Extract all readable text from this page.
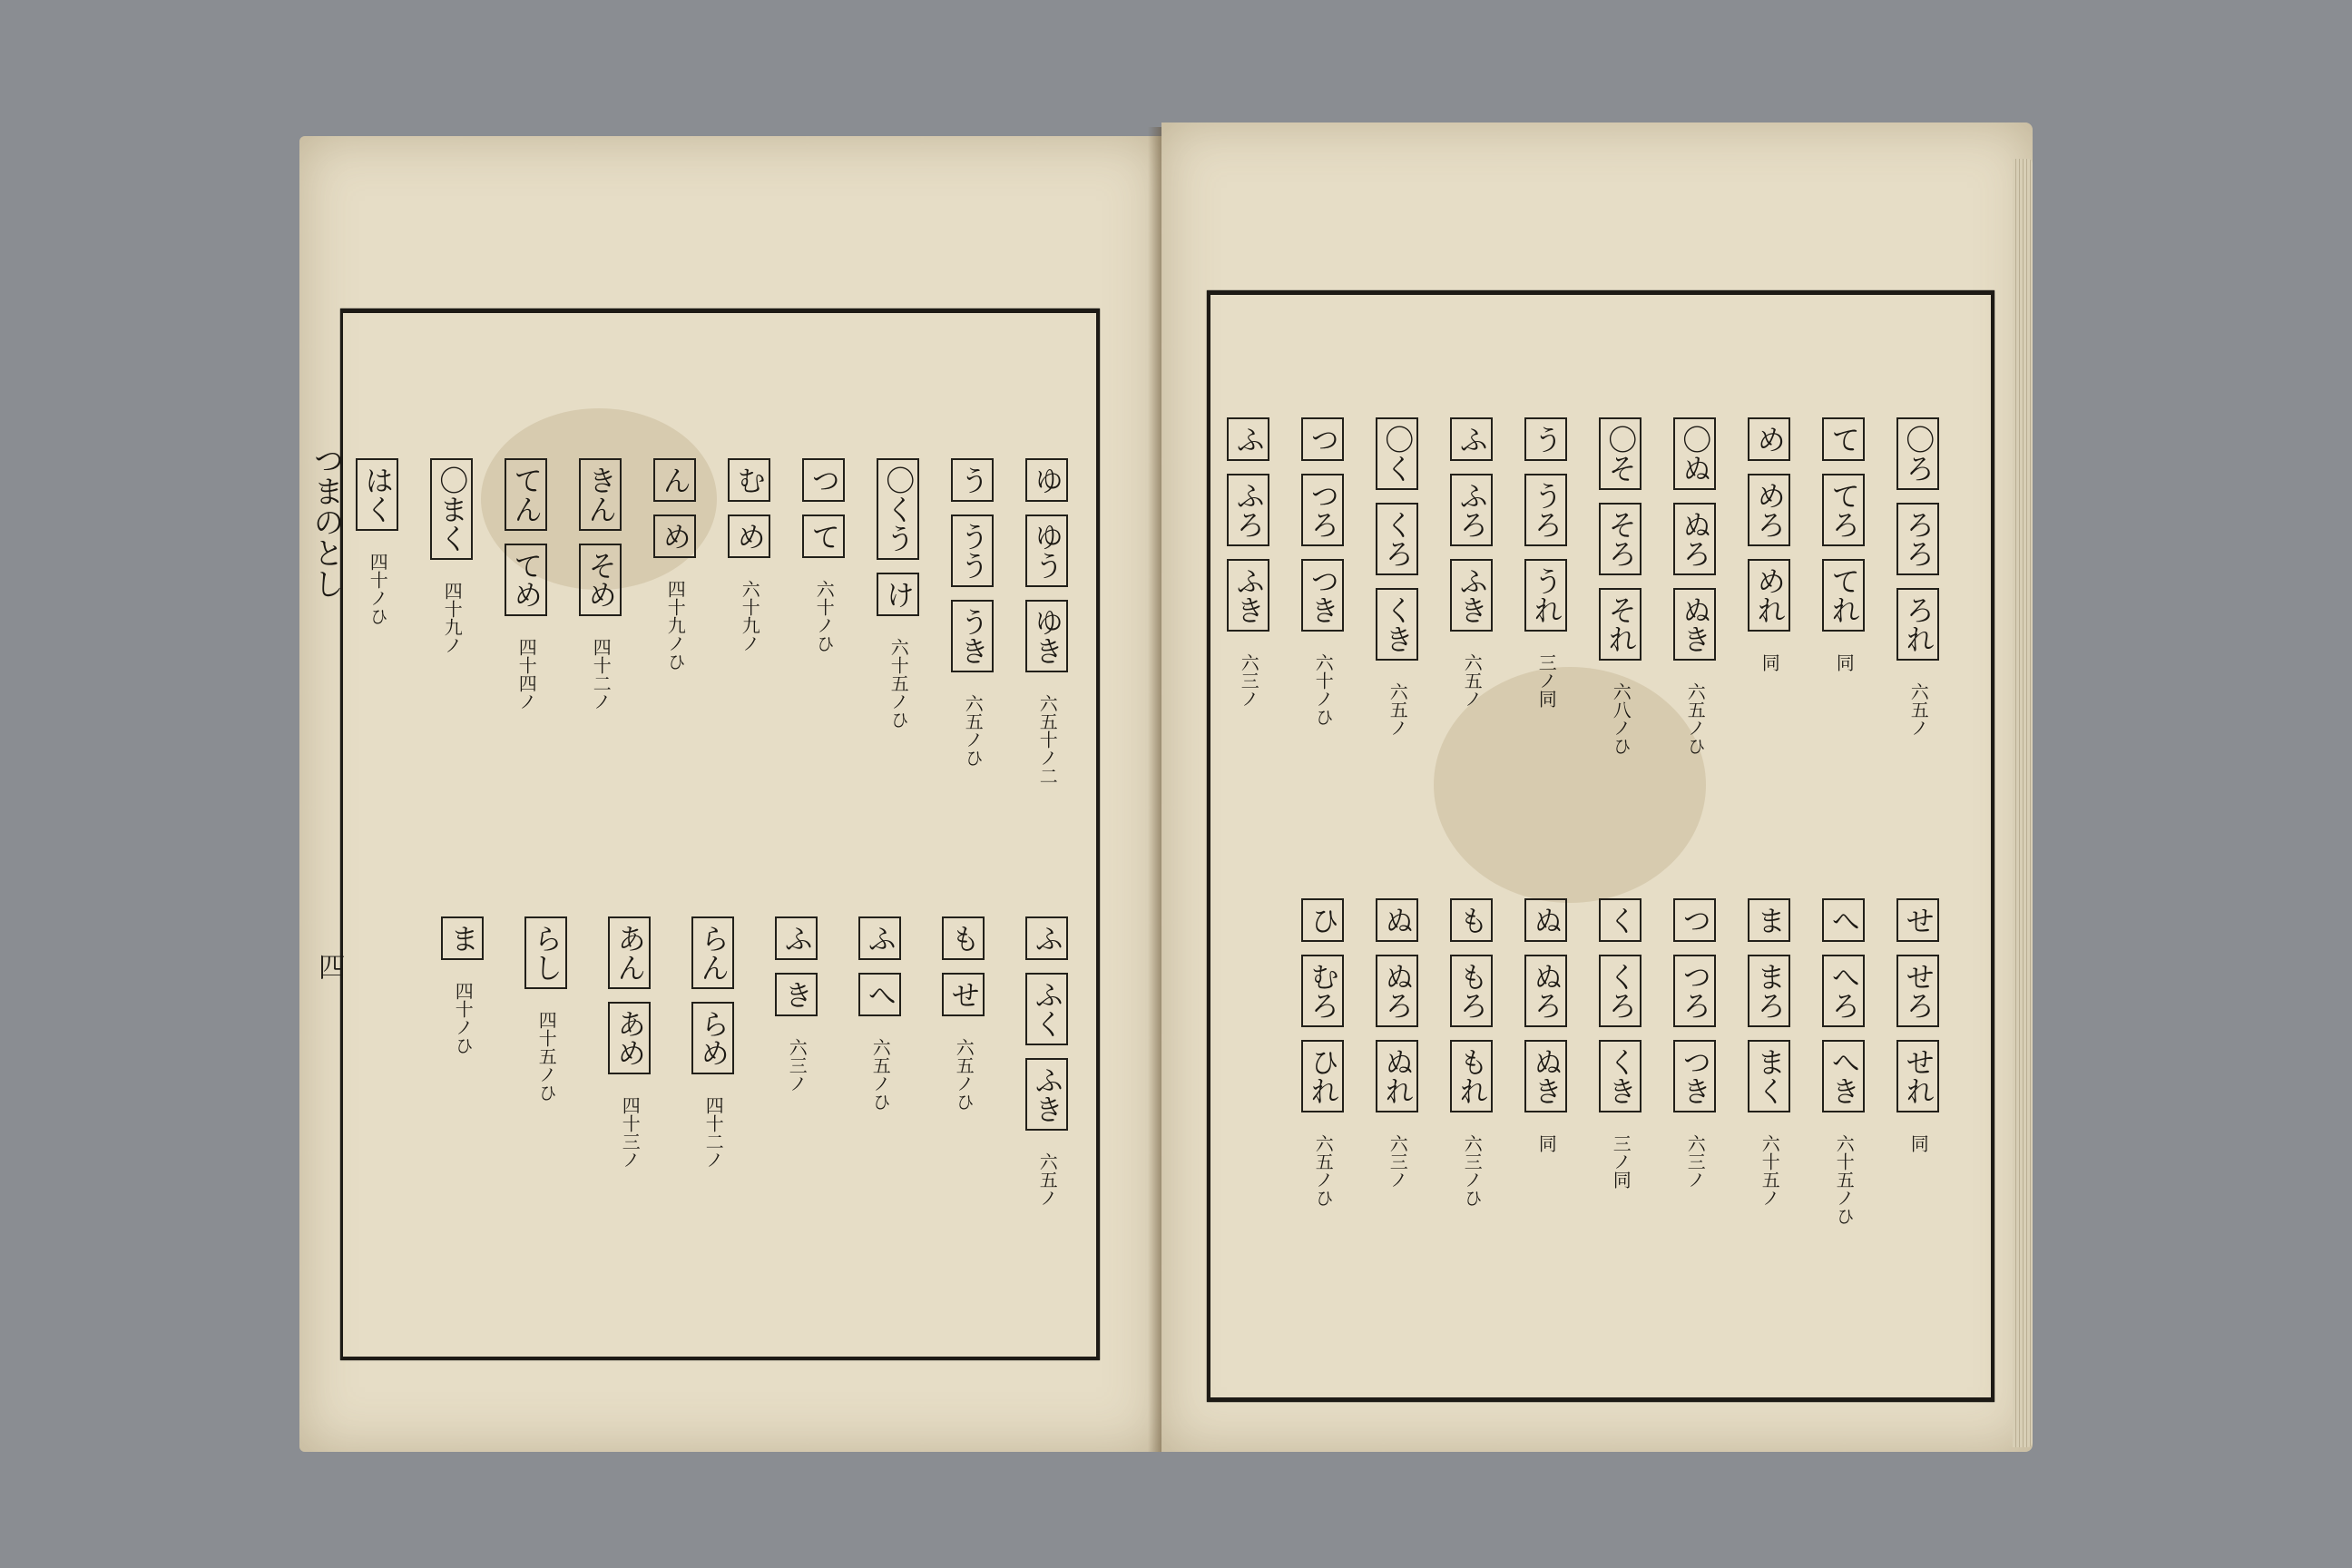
つまのとし
四
ゆゆうゆき六五十ノ二
ううううき六五ノひ
〇くうけ六十五ノひ
つて六十ノひ
むめ六十九ノ
んめ四十九ノひ
きんそめ四十二ノ
てんてめ四十四ノ
〇まく四十九ノ
はく四十ノひ
ふふくふき六五ノ
もせ六五ノひ
ふへ六五ノひ
ふき六三ノ
らんらめ四十二ノ
あんあめ四十三ノ
らし四十五ノひ
ま四十ノひ
〇ろろろろれ六五ノ
ててろてれ同
めめろめれ同
〇ぬぬろぬき六五ノひ
〇そそろそれ六八ノひ
ううろうれ三ノ同
ふふろふき六五ノ
〇くくろくき六五ノ
つつろつき六十ノひ
ふふろふき六三ノ
せせろせれ同
へへろへき六十五ノひ
ままろまく六十五ノ
つつろつき六三ノ
くくろくき三ノ同
ぬぬろぬき同
ももろもれ六三ノひ
ぬぬろぬれ六三ノ
ひむろひれ六五ノひ
